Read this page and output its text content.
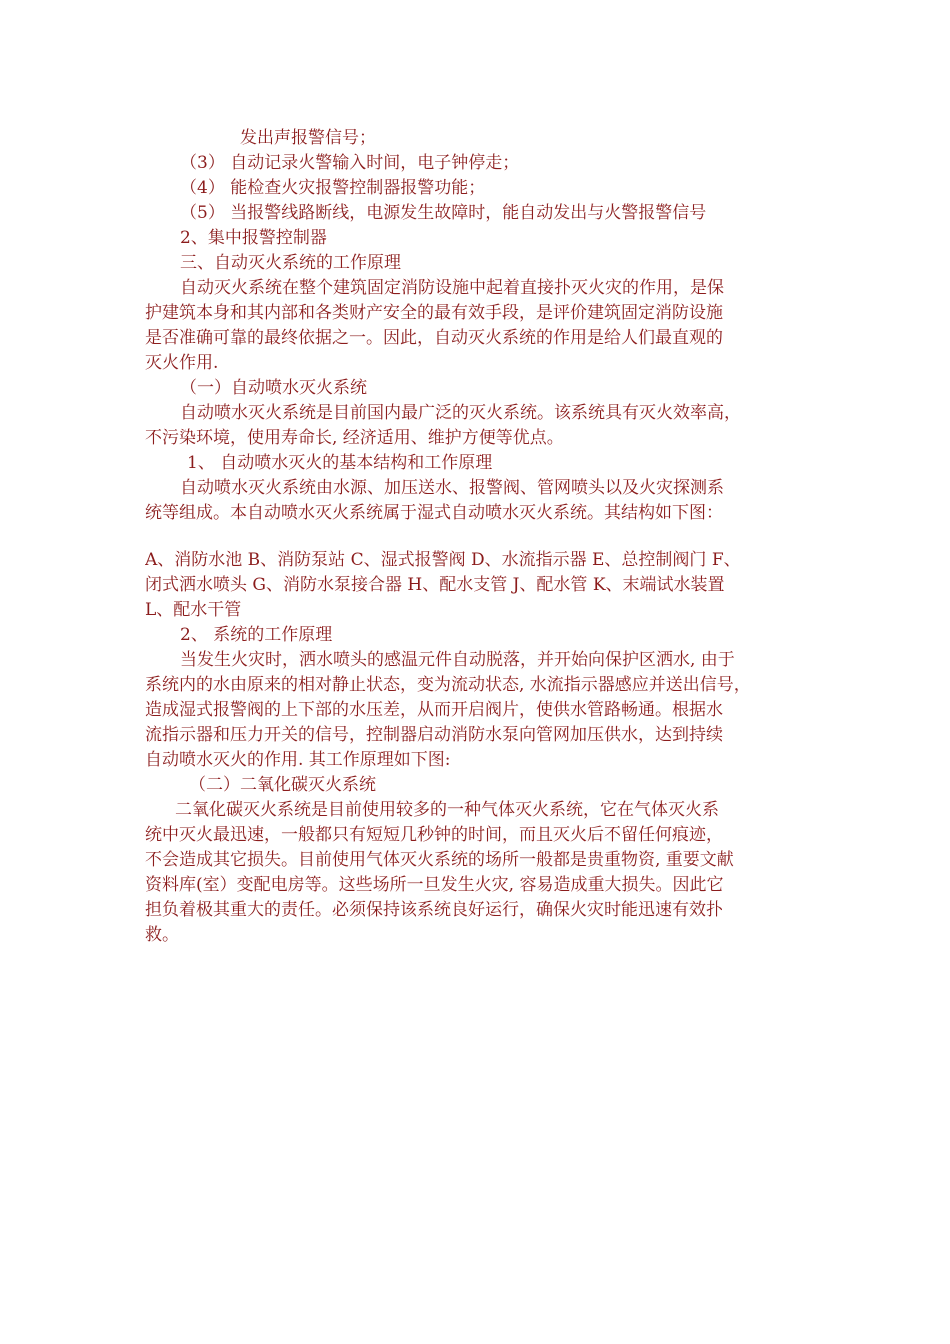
发出声报警信号；
（3） 自动记录火警输入时间，电子钟停走；
（4） 能检查火灾报警控制器报警功能；
（5） 当报警线路断线，电源发生故障时，能自动发出与火警报警信号
2、集中报警控制器
三、自动灭火系统的工作原理
自动灭火系统在整个建筑固定消防设施中起着直接扑灭火灾的作用，是保
护建筑本身和其内部和各类财产安全的最有效手段，是评价建筑固定消防设施
是否准确可靠的最终依据之一。因此，自动灭火系统的作用是给人们最直观的
灭火作用.
（一）自动喷水灭火系统
自动喷水灭火系统是目前国内最广泛的灭火系统。该系统具有灭火效率高，
不污染环境，使用寿命长, 经济适用、维护方便等优点。
1、 自动喷水灭火的基本结构和工作原理
自动喷水灭火系统由水源、加压送水、报警阀、管网喷头以及火灾探测系
统等组成。本自动喷水灭火系统属于湿式自动喷水灭火系统。其结构如下图：
A、消防水池 B、消防泵站 C、湿式报警阀 D、水流指示器 E、总控制阀门 F、
闭式洒水喷头 G、消防水泵接合器 H、配水支管 J、配水管 K、末端试水装置
L、配水干管
2、 系统的工作原理
当发生火灾时，洒水喷头的感温元件自动脱落，并开始向保护区洒水, 由于
系统内的水由原来的相对静止状态，变为流动状态, 水流指示器感应并送出信号，
造成湿式报警阀的上下部的水压差，从而开启阀片，使供水管路畅通。根据水
流指示器和压力开关的信号，控制器启动消防水泵向管网加压供水，达到持续
自动喷水灭火的作用. 其工作原理如下图:
（二）二氧化碳灭火系统
二氧化碳灭火系统是目前使用较多的一种气体灭火系统，它在气体灭火系
统中灭火最迅速，一般都只有短短几秒钟的时间，而且灭火后不留任何痕迹，
不会造成其它损失。目前使用气体灭火系统的场所一般都是贵重物资, 重要文献
资料库(室）变配电房等。这些场所一旦发生火灾, 容易造成重大损失。因此它
担负着极其重大的责任。必须保持该系统良好运行，确保火灾时能迅速有效扑
救。
